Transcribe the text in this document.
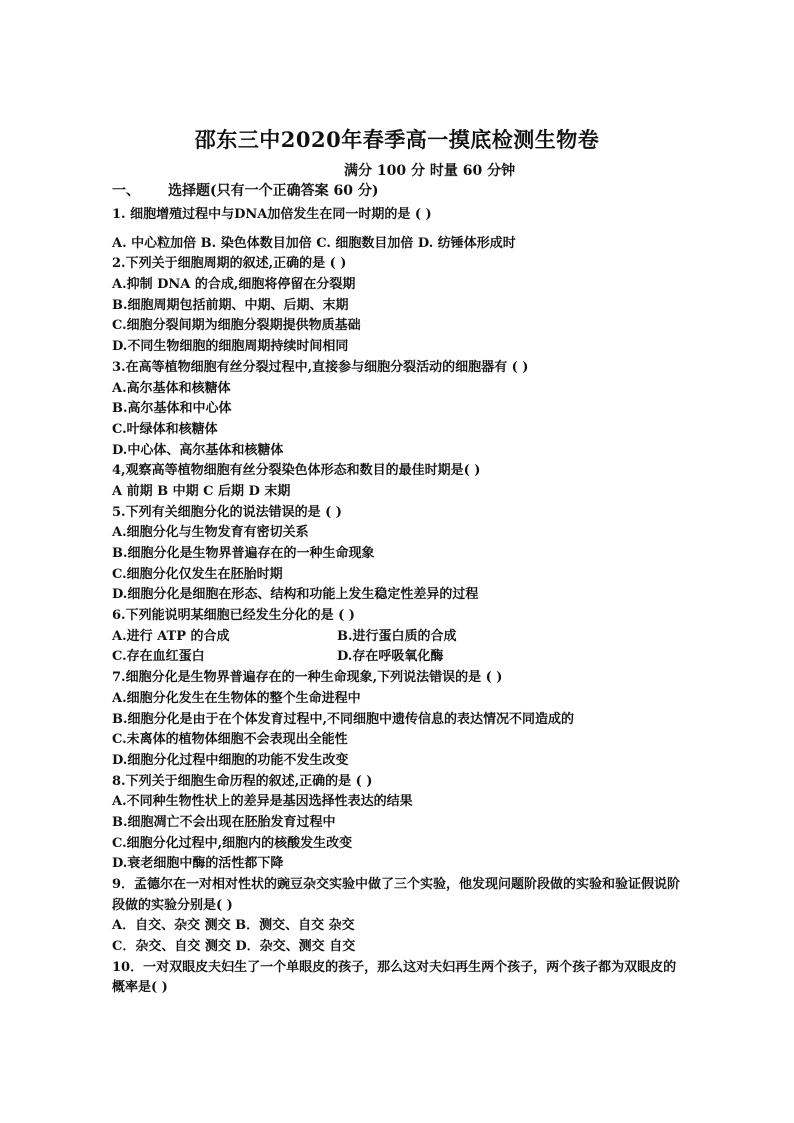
邵东三中2020年春季高一摸底检测生物卷
满分 100 分 时量 60 分钟
一、 选择题(只有一个正确答案 60 分)
1. 细胞增殖过程中与DNA加倍发生在同一时期的是 ( )
A. 中心粒加倍 B. 染色体数目加倍 C. 细胞数目加倍 D. 纺锤体形成时
2.下列关于细胞周期的叙述,正确的是 ( )
A.抑制 DNA 的合成,细胞将停留在分裂期
B.细胞周期包括前期、中期、后期、末期
C.细胞分裂间期为细胞分裂期提供物质基础
D.不同生物细胞的细胞周期持续时间相同
3.在高等植物细胞有丝分裂过程中,直接参与细胞分裂活动的细胞器有 ( )
A.高尔基体和核糖体
B.高尔基体和中心体
C.叶绿体和核糖体
D.中心体、高尔基体和核糖体
4,观察高等植物细胞有丝分裂染色体形态和数目的最佳时期是( )
A 前期 B 中期 C 后期 D 末期
5.下列有关细胞分化的说法错误的是 ( )
A.细胞分化与生物发育有密切关系
B.细胞分化是生物界普遍存在的一种生命现象
C.细胞分化仅发生在胚胎时期
D.细胞分化是细胞在形态、结构和功能上发生稳定性差异的过程
6.下列能说明某细胞已经发生分化的是 ( )
A.进行 ATP 的合成	B.进行蛋白质的合成
C.存在血红蛋白	D.存在呼吸氧化酶
7.细胞分化是生物界普遍存在的一种生命现象,下列说法错误的是 ( )
A.细胞分化发生在生物体的整个生命进程中
B.细胞分化是由于在个体发育过程中,不同细胞中遗传信息的表达情况不同造成的
C.未离体的植物体细胞不会表现出全能性
D.细胞分化过程中细胞的功能不发生改变
8.下列关于细胞生命历程的叙述,正确的是 ( )
A.不同种生物性状上的差异是基因选择性表达的结果
B.细胞凋亡不会出现在胚胎发育过程中
C.细胞分化过程中,细胞内的核酸发生改变
D.衰老细胞中酶的活性都下降
9．孟德尔在一对相对性状的豌豆杂交实验中做了三个实验，他发现问题阶段做的实验和验证假说阶段做的实验分别是( )
A．自交、杂交 测交 B．测交、自交 杂交
C．杂交、自交 测交 D．杂交、测交 自交
10．一对双眼皮夫妇生了一个单眼皮的孩子，那么这对夫妇再生两个孩子，两个孩子都为双眼皮的概率是( )
